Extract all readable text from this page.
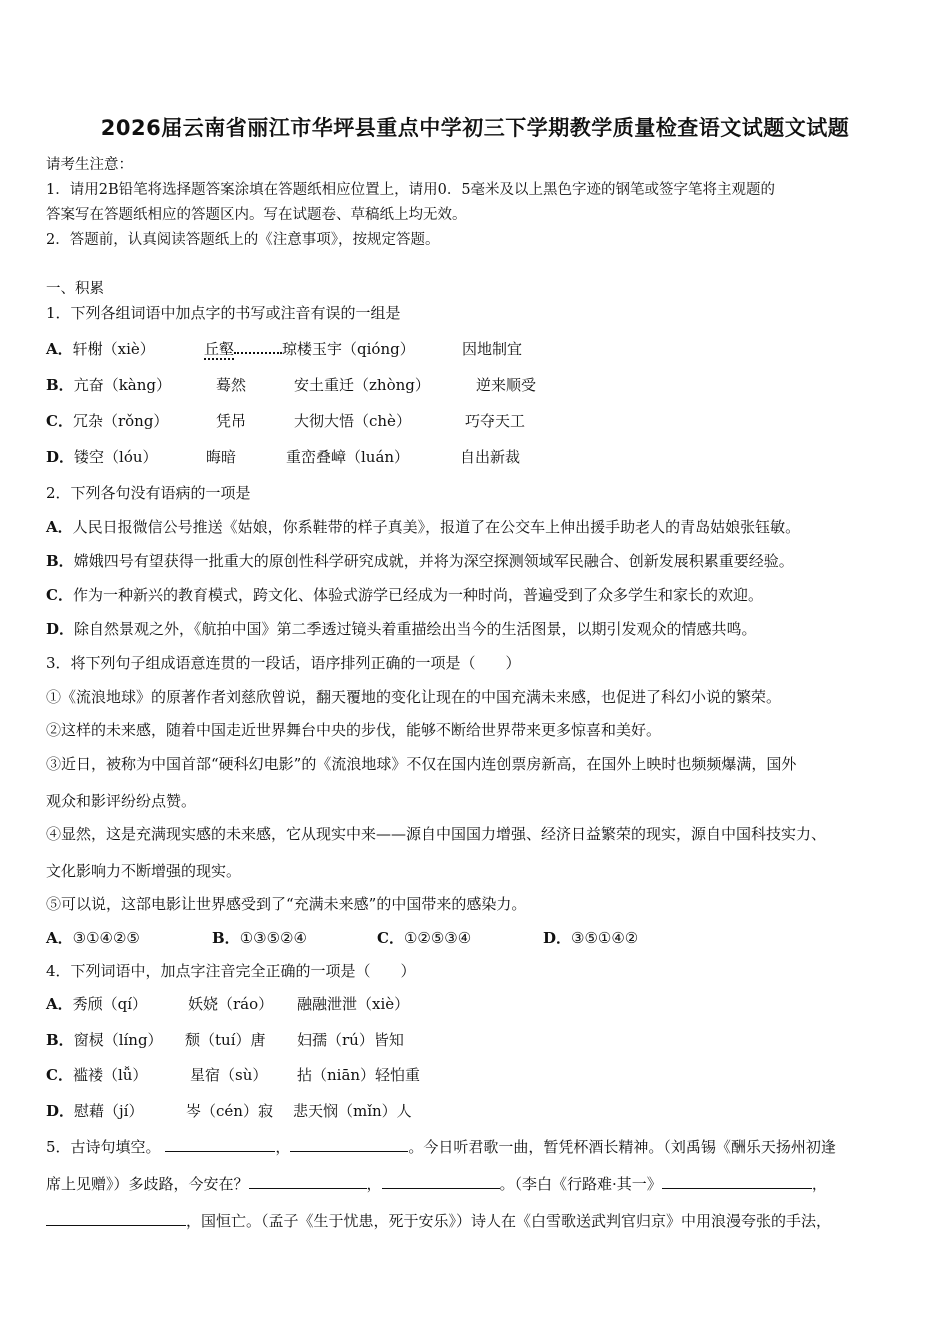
2026届云南省丽江市华坪县重点中学初三下学期教学质量检查语文试题文试题
请考生注意：
1．请用2B铅笔将选择题答案涂填在答题纸相应位置上，请用0．5毫米及以上黑色字迹的钢笔或签字笔将主观题的
答案写在答题纸相应的答题区内。写在试题卷、草稿纸上均无效。
2．答题前，认真阅读答题纸上的《注意事项》，按规定答题。
一、积累
1．下列各组词语中加点字的书写或注音有误的一组是
A．轩榭（xiè）	丘壑	琼楼玉宇（qióng）	因地制宜
B．亢奋（kàng）	蓦然	安土重迁（zhòng）	逆来顺受
C．冗杂（rǒng）	凭吊	大彻大悟（chè）	巧夺天工
D．镂空（lóu）	晦暗	重峦叠嶂（luán）	自出新裁
2．下列各句没有语病的一项是
A．人民日报微信公号推送《姑娘，你系鞋带的样子真美》，报道了在公交车上伸出援手助老人的青岛姑娘张钰敏。
B．嫦娥四号有望获得一批重大的原创性科学研究成就，并将为深空探测领域军民融合、创新发展积累重要经验。
C．作为一种新兴的教育模式，跨文化、体验式游学已经成为一种时尚，普遍受到了众多学生和家长的欢迎。
D．除自然景观之外，《航拍中国》第二季透过镜头着重描绘出当今的生活图景，以期引发观众的情感共鸣。
3．将下列句子组成语意连贯的一段话，语序排列正确的一项是（　　）
①《流浪地球》的原著作者刘慈欣曾说，翻天覆地的变化让现在的中国充满未来感，也促进了科幻小说的繁荣。
②这样的未来感，随着中国走近世界舞台中央的步伐，能够不断给世界带来更多惊喜和美好。
③近日，被称为中国首部“硬科幻电影”的《流浪地球》不仅在国内连创票房新高，在国外上映时也频频爆满，国外
观众和影评纷纷点赞。
④显然，这是充满现实感的未来感，它从现实中来——源自中国国力增强、经济日益繁荣的现实，源自中国科技实力、
文化影响力不断增强的现实。
⑤可以说，这部电影让世界感受到了“充满未来感”的中国带来的感染力。
A．③①④②⑤	B．①③⑤②④	C．①②⑤③④	D．③⑤①④②
4．下列词语中，加点字注音完全正确的一项是（　　）
A．秀颀（qí）	妖娆（ráo） 融融泄泄（xiè）
B．窗棂（líng） 颓（tuí）唐 妇孺（rú）皆知
C．褴褛（lǚ）	星宿（sù） 拈（niān）轻怕重
D．慰藉（jí）	岑（cén）寂 悲天悯（mǐn）人
5．古诗句填空。	，	。今日听君歌一曲，暂凭杯酒长精神。（刘禹锡《酬乐天扬州初逢
席上见赠》）多歧路，今安在？	，	。（李白《行路难·其一》	，
，国恒亡。（孟子《生于忧患，死于安乐》）诗人在《白雪歌送武判官归京》中用浪漫夸张的手法，
